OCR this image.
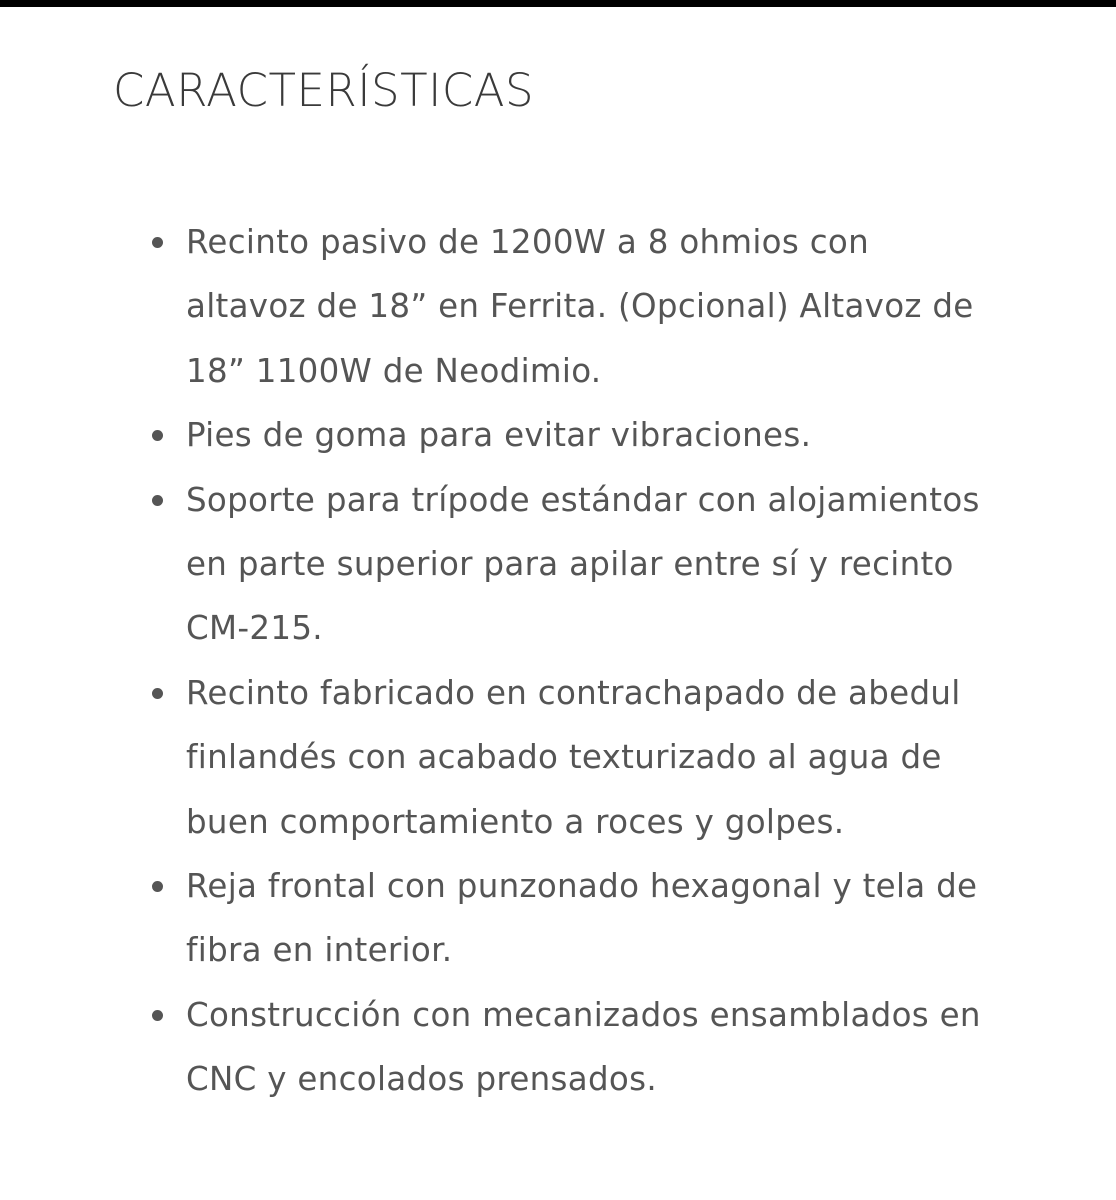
CARACTERÍSTICAS
Recinto pasivo de 1200W a 8 ohmios con altavoz de 18” en Ferrita. (Opcional) Altavoz de 18” 1100W de Neodimio.
Pies de goma para evitar vibraciones.
Soporte para trípode estándar con alojamientos en parte superior para apilar entre sí y recinto CM-215.
Recinto fabricado en contrachapado de abedul finlandés con acabado texturizado al agua de buen comportamiento a roces y golpes.
Reja frontal con punzonado hexagonal y tela de fibra en interior.
Construcción con mecanizados ensamblados en CNC y encolados prensados.
